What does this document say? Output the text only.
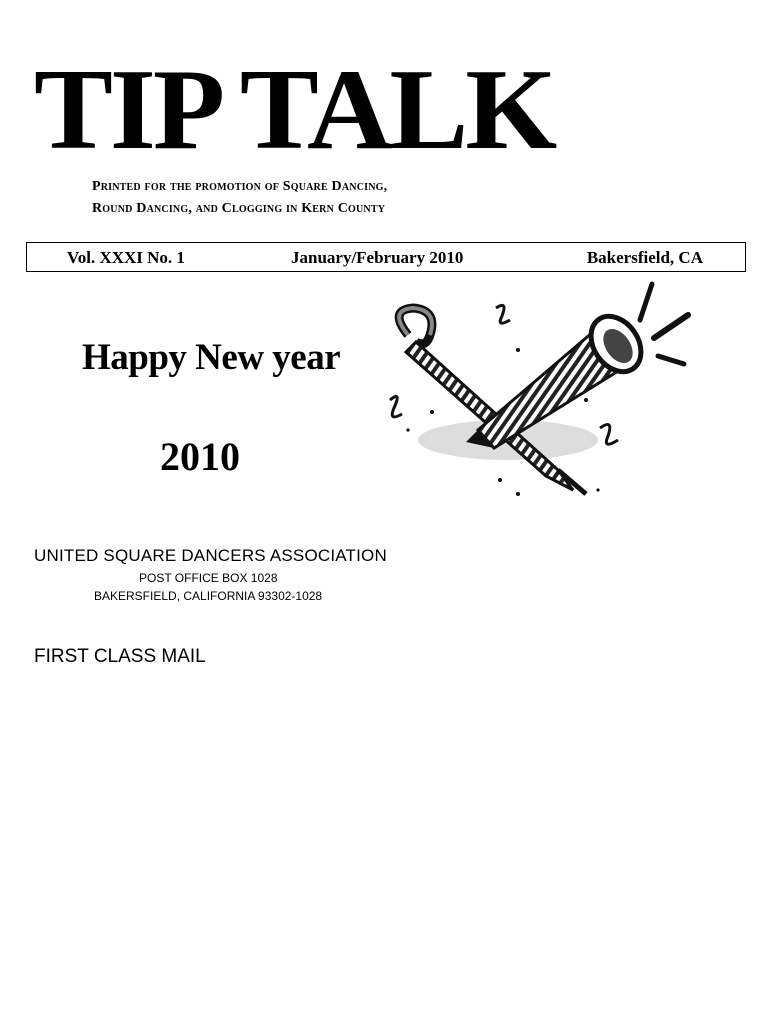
TIP TALK
Printed for the promotion of Square Dancing,
Round Dancing, and Clogging in Kern County
Vol. XXXI No. 1	January/February 2010	Bakersfield, CA
Happy New year
2010
UNITED SQUARE DANCERS ASSOCIATION
POST OFFICE BOX 1028
BAKERSFIELD, CALIFORNIA 93302-1028
FIRST CLASS MAIL
